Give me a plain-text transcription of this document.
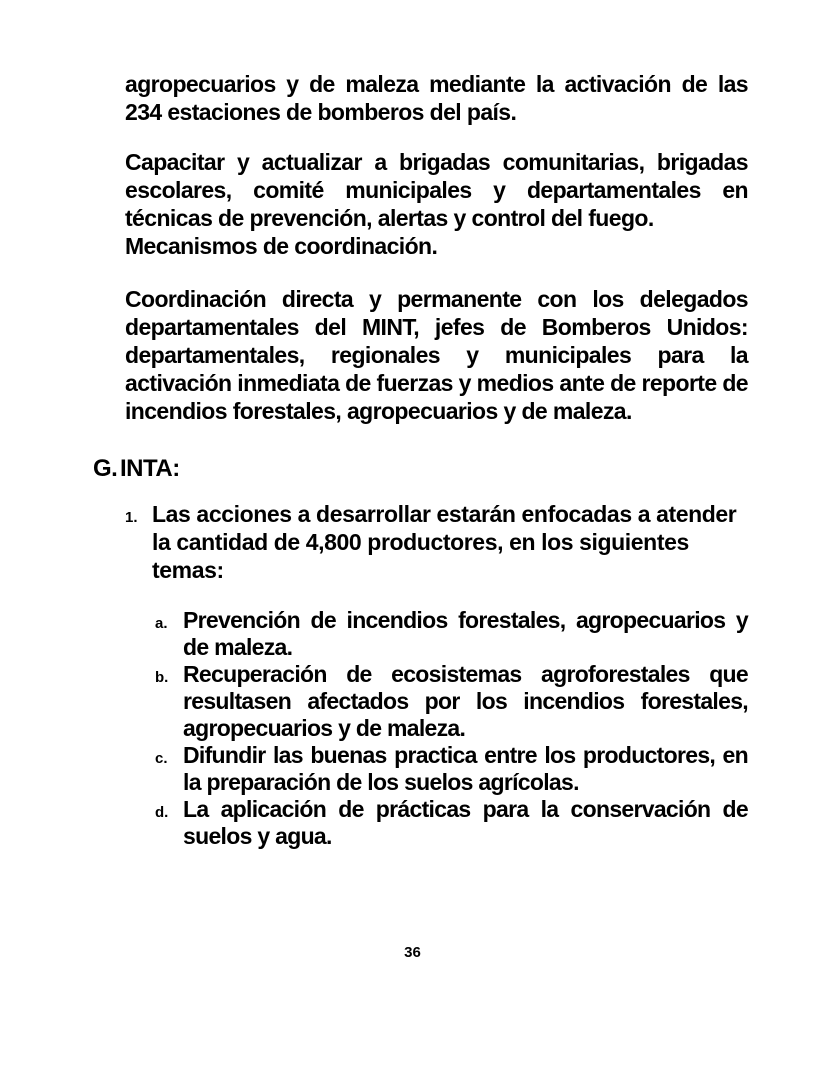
agropecuarios y de maleza mediante la activación de las 234 estaciones de bomberos del país.
Capacitar y actualizar a brigadas comunitarias, brigadas escolares, comité municipales y departamentales en técnicas de prevención, alertas y control del fuego.
Mecanismos de coordinación.
Coordinación directa y permanente con los delegados departamentales del MINT, jefes de Bomberos Unidos: departamentales, regionales y municipales para la activación inmediata de fuerzas y medios ante de reporte de incendios forestales, agropecuarios y de maleza.
G. INTA:
1. Las acciones a desarrollar estarán enfocadas a atender la cantidad de 4,800 productores, en los siguientes temas:
a. Prevención de incendios forestales, agropecuarios y de maleza.
b. Recuperación de ecosistemas agroforestales que resultasen afectados por los incendios forestales, agropecuarios y de maleza.
c. Difundir las buenas practica entre los productores, en la preparación de los suelos agrícolas.
d. La aplicación de prácticas para la conservación de suelos y agua.
36
